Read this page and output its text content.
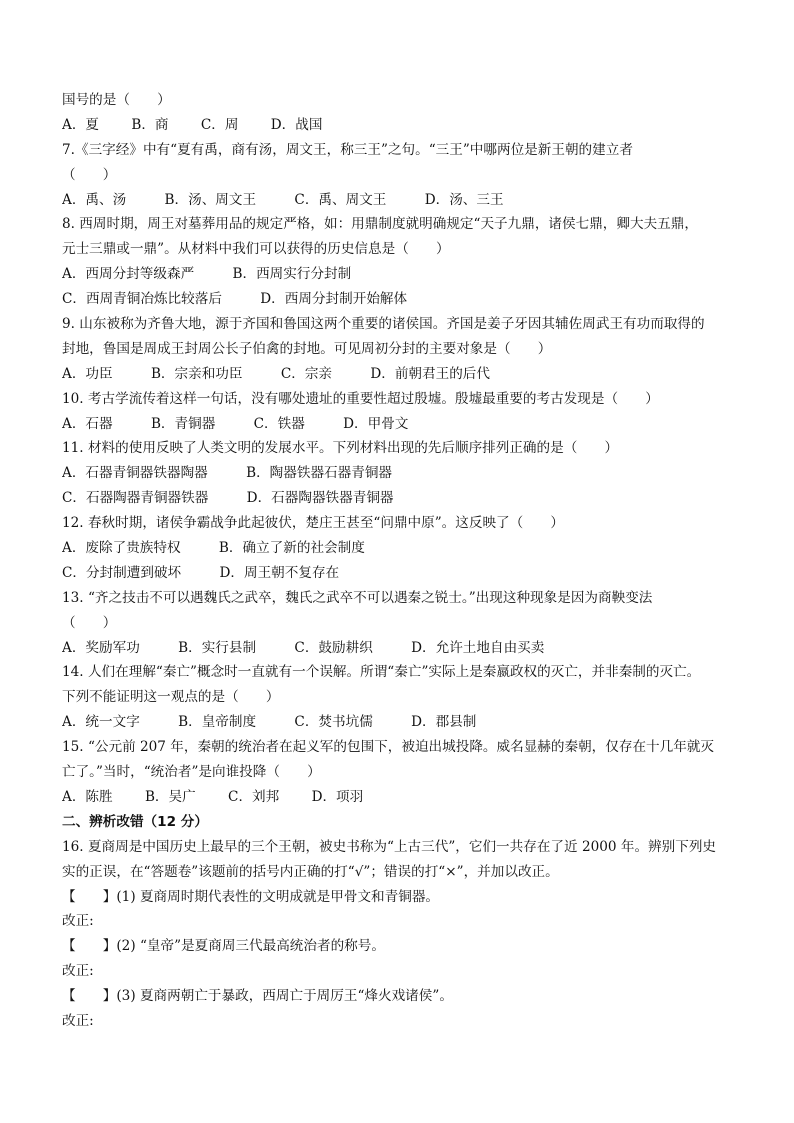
国号的是（　　）
A．夏 B．商 C．周 D．战国
7.《三字经》中有“夏有禹，商有汤，周文王，称三王”之句。“三王”中哪两位是新王朝的建立者
（　　）
A．禹、汤	B．汤、周文王	C．禹、周文王	D．汤、三王
8. 西周时期，周王对墓葬用品的规定严格，如：用鼎制度就明确规定“天子九鼎，诸侯七鼎，卿大夫五鼎，
元士三鼎或一鼎”。从材料中我们可以获得的历史信息是（　　）
A．西周分封等级森严	B．西周实行分封制
C．西周青铜冶炼比较落后	D．西周分封制开始解体
9. 山东被称为齐鲁大地，源于齐国和鲁国这两个重要的诸侯国。齐国是姜子牙因其辅佐周武王有功而取得的
封地，鲁国是周成王封周公长子伯禽的封地。可见周初分封的主要对象是（　　）
A．功臣	B．宗亲和功臣	C．宗亲	D．前朝君王的后代
10. 考古学流传着这样一句话，没有哪处遗址的重要性超过殷墟。殷墟最重要的考古发现是（　　）
A．石器	B．青铜器	C．铁器	D．甲骨文
11. 材料的使用反映了人类文明的发展水平。下列材料出现的先后顺序排列正确的是（　　）
A．石器青铜器铁器陶器	B．陶器铁器石器青铜器
C．石器陶器青铜器铁器	D．石器陶器铁器青铜器
12. 春秋时期，诸侯争霸战争此起彼伏，楚庄王甚至“问鼎中原”。这反映了（　　）
A．废除了贵族特权	B．确立了新的社会制度
C．分封制遭到破坏	D．周王朝不复存在
13. “齐之技击不可以遇魏氏之武卒，魏氏之武卒不可以遇秦之锐士。”出现这种现象是因为商鞅变法
（　　）
A．奖励军功	B．实行县制	C．鼓励耕织	D．允许土地自由买卖
14. 人们在理解“秦亡”概念时一直就有一个误解。所谓“秦亡”实际上是秦嬴政权的灭亡，并非秦制的灭亡。
下列不能证明这一观点的是（　　）
A．统一文字	B．皇帝制度	C．焚书坑儒	D．郡县制
15. “公元前 207 年，秦朝的统治者在起义军的包围下，被迫出城投降。威名显赫的秦朝，仅存在十几年就灭
亡了。”当时，“统治者”是向谁投降（　　）
A．陈胜 B．吴广 C．刘邦 D．项羽
二、辨析改错（12 分）
16. 夏商周是中国历史上最早的三个王朝，被史书称为“上古三代”，它们一共存在了近 2000 年。辨别下列史
实的正误，在“答题卷”该题前的括号内正确的打“√”；错误的打“×”，并加以改正。
【　　】(1) 夏商周时期代表性的文明成就是甲骨文和青铜器。
改正:
【　　】(2) “皇帝”是夏商周三代最高统治者的称号。
改正:
【　　】(3) 夏商两朝亡于暴政，西周亡于周厉王“烽火戏诸侯”。
改正:
